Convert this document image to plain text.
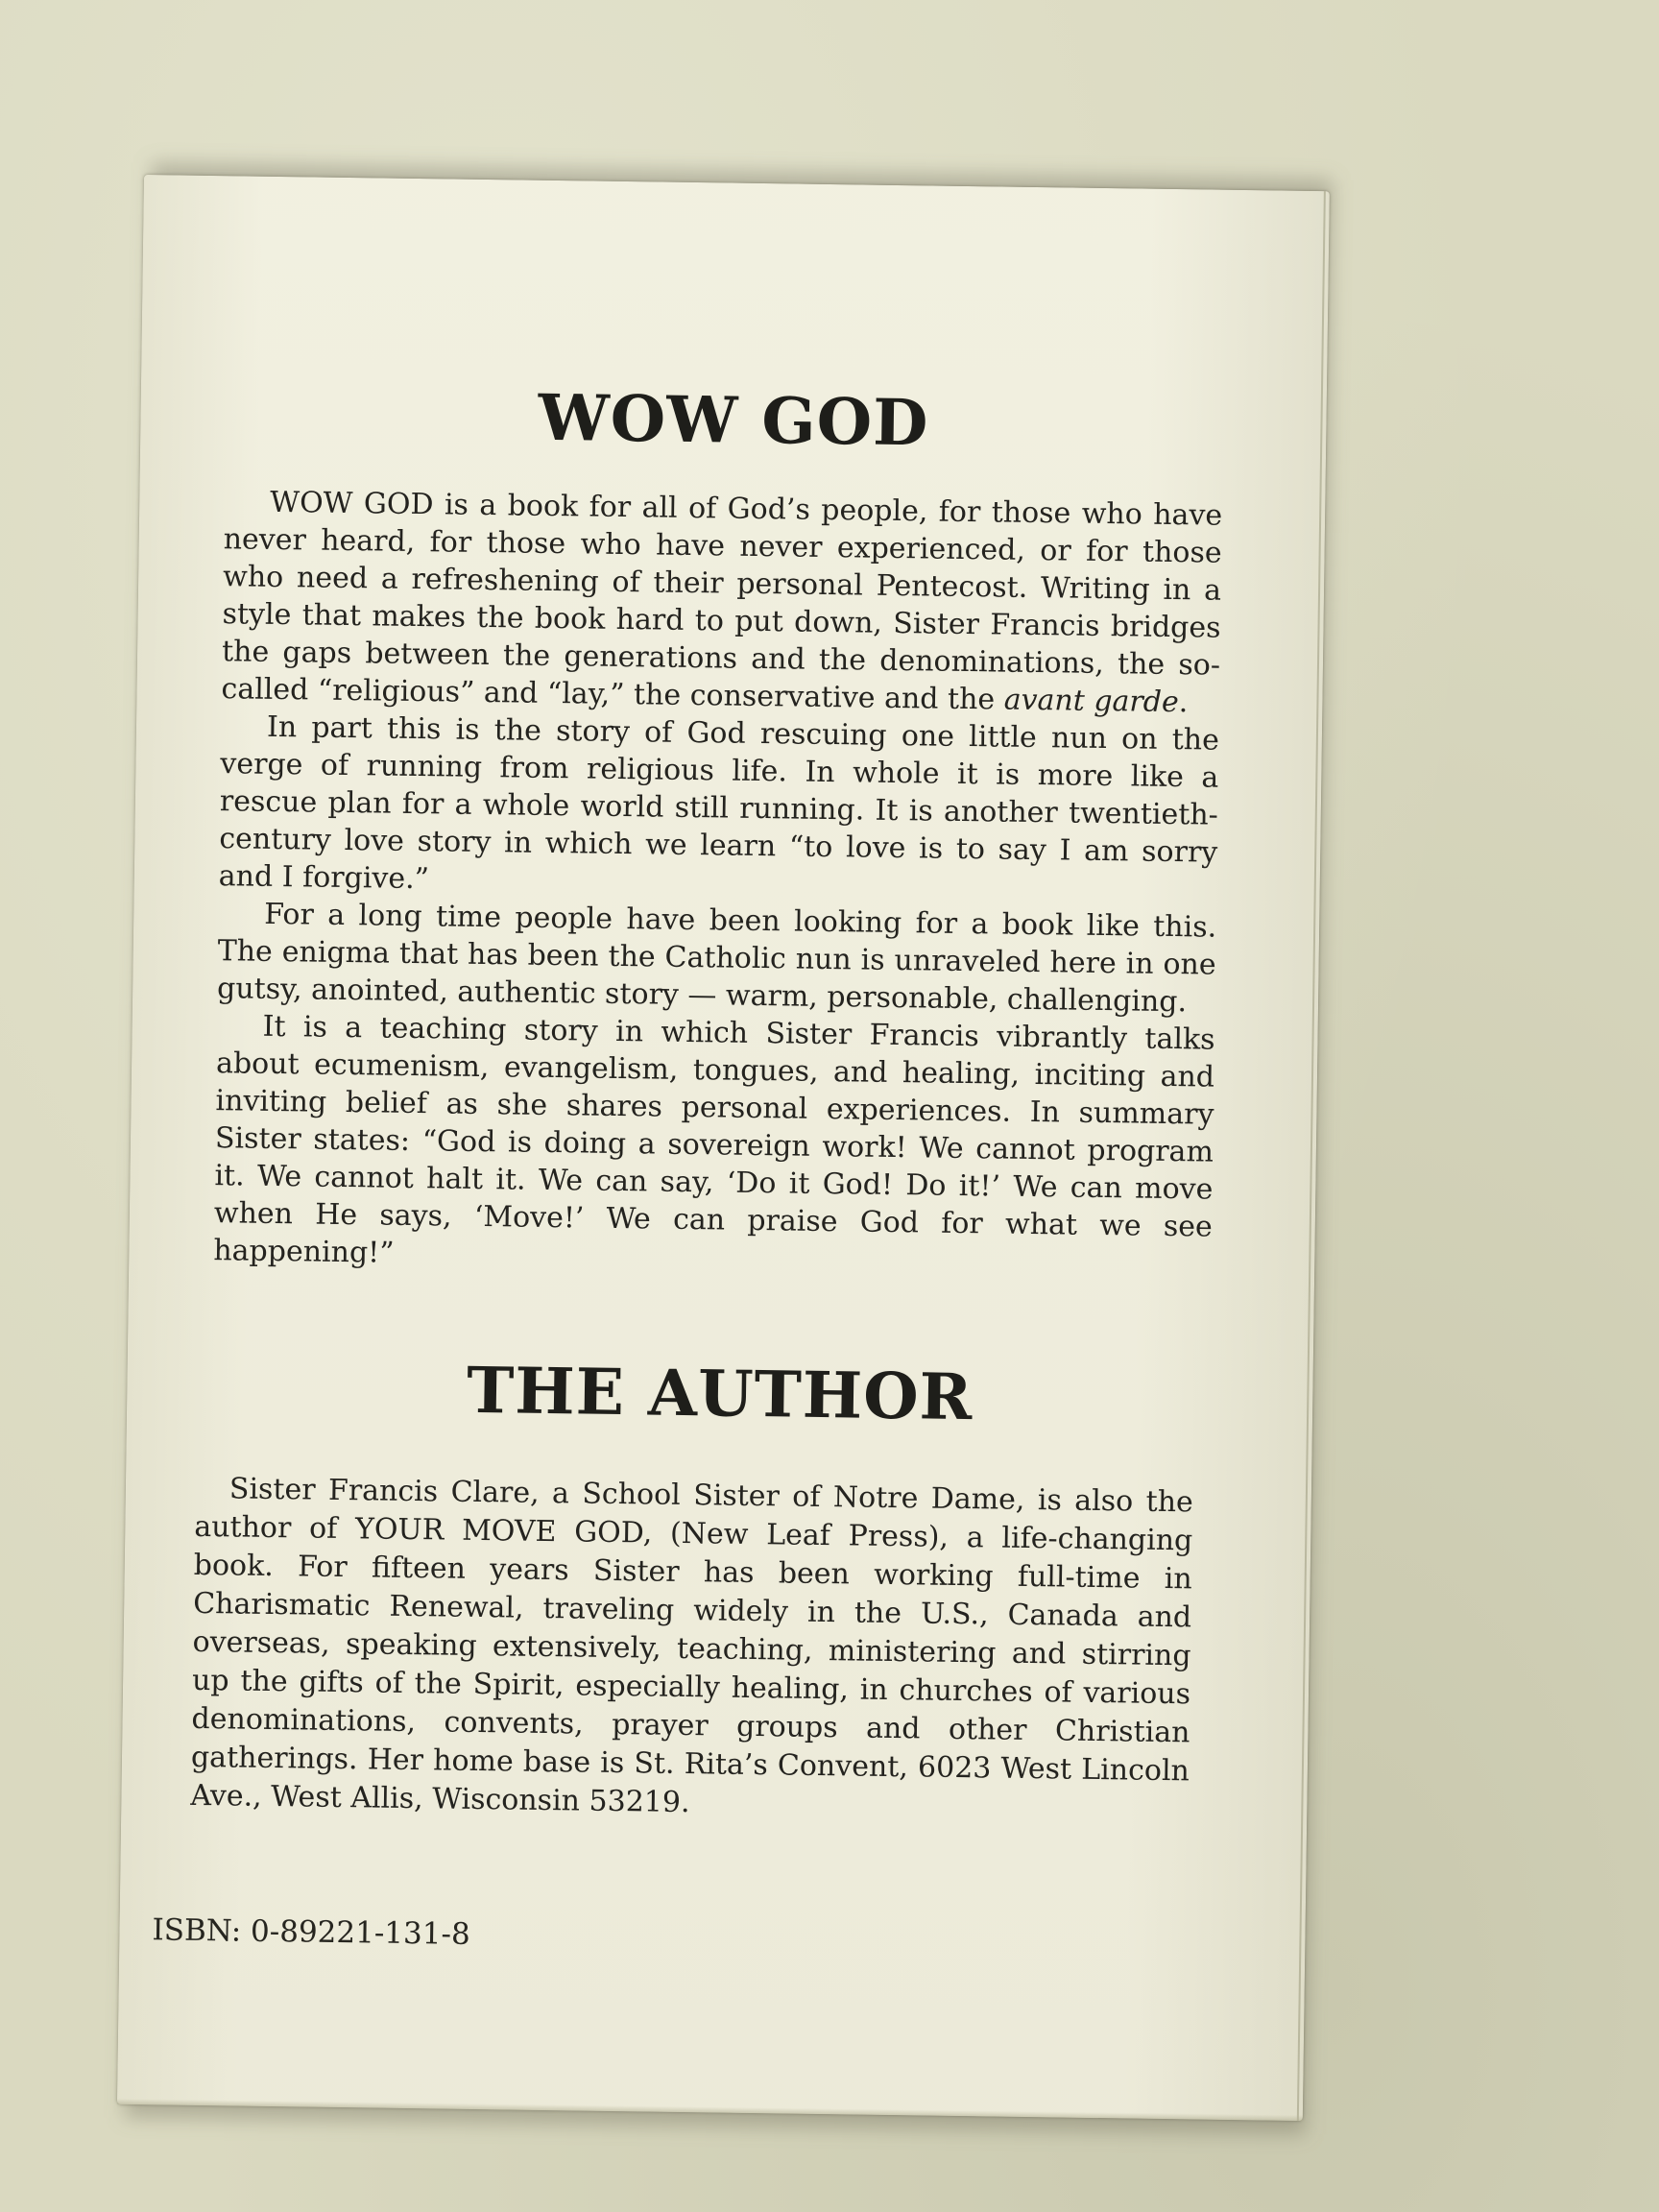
WOW GOD

WOW GOD is a book for all of God’s people, for those who have never heard, for those who have never experienced, or for those who need a refreshening of their personal Pentecost. Writing in a style that makes the book hard to put down, Sister Francis bridges the gaps between the generations and the denominations, the so-called “religious” and “lay,” the conservative and the avant garde.

In part this is the story of God rescuing one little nun on the verge of running from religious life. In whole it is more like a rescue plan for a whole world still running. It is another twentieth-century love story in which we learn “to love is to say I am sorry and I forgive.”

For a long time people have been looking for a book like this. The enigma that has been the Catholic nun is unraveled here in one gutsy, anointed, authentic story — warm, personable, challenging.

It is a teaching story in which Sister Francis vibrantly talks about ecumenism, evangelism, tongues, and healing, inciting and inviting belief as she shares personal experiences. In summary Sister states: “God is doing a sovereign work! We cannot program it. We cannot halt it. We can say, ‘Do it God! Do it!’ We can move when He says, ‘Move!’ We can praise God for what we see happening!”

THE AUTHOR

Sister Francis Clare, a School Sister of Notre Dame, is also the author of YOUR MOVE GOD, (New Leaf Press), a life-changing book. For fifteen years Sister has been working full-time in Charismatic Renewal, traveling widely in the U.S., Canada and overseas, speaking extensively, teaching, ministering and stirring up the gifts of the Spirit, especially healing, in churches of various denominations, convents, prayer groups and other Christian gatherings. Her home base is St. Rita’s Convent, 6023 West Lincoln Ave., West Allis, Wisconsin 53219.

ISBN: 0-89221-131-8
